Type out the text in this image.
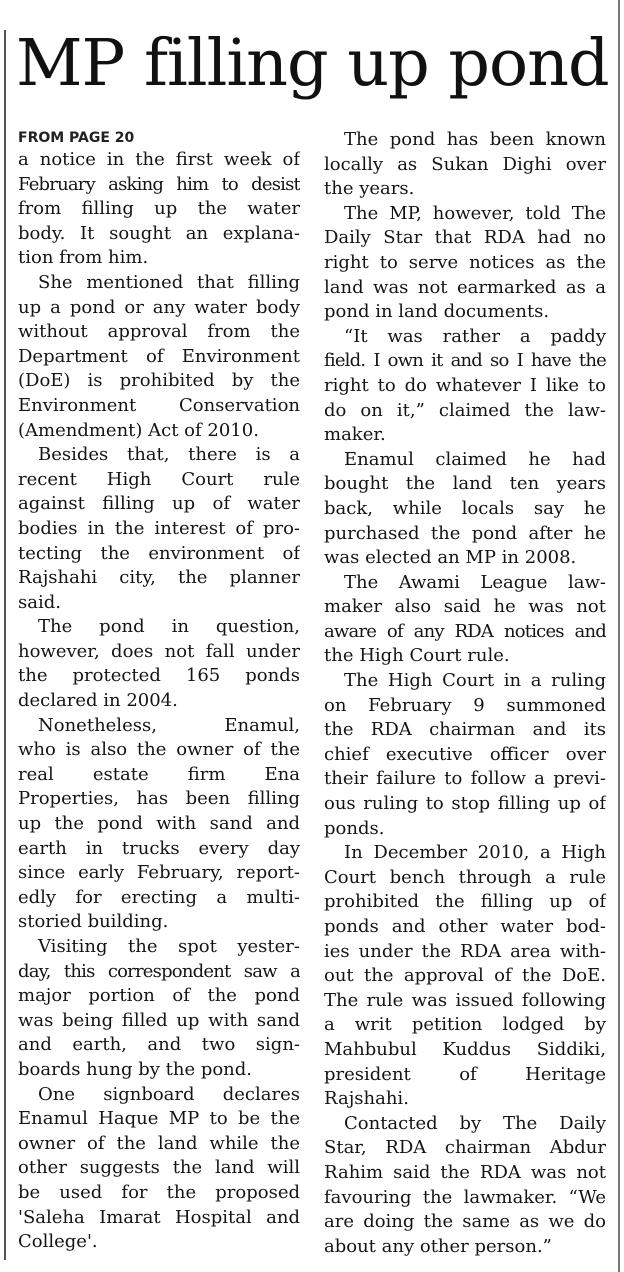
MP filling up pond
FROM PAGE 20
a notice in the first week of
February asking him to desist
from filling up the water
body. It sought an explana-
tion from him.
She mentioned that filling
up a pond or any water body
without approval from the
Department of Environment
(DoE) is prohibited by the
Environment Conservation
(Amendment) Act of 2010.
Besides that, there is a
recent High Court rule
against filling up of water
bodies in the interest of pro-
tecting the environment of
Rajshahi city, the planner
said.
The pond in question,
however, does not fall under
the protected 165 ponds
declared in 2004.
Nonetheless, Enamul,
who is also the owner of the
real estate firm Ena
Properties, has been filling
up the pond with sand and
earth in trucks every day
since early February, report-
edly for erecting a multi-
storied building.
Visiting the spot yester-
day, this correspondent saw a
major portion of the pond
was being filled up with sand
and earth, and two sign-
boards hung by the pond.
One signboard declares
Enamul Haque MP to be the
owner of the land while the
other suggests the land will
be used for the proposed
'Saleha Imarat Hospital and
College'.
The pond has been known
locally as Sukan Dighi over
the years.
The MP, however, told The
Daily Star that RDA had no
right to serve notices as the
land was not earmarked as a
pond in land documents.
“It was rather a paddy
field. I own it and so I have the
right to do whatever I like to
do on it,” claimed the law-
maker.
Enamul claimed he had
bought the land ten years
back, while locals say he
purchased the pond after he
was elected an MP in 2008.
The Awami League law-
maker also said he was not
aware of any RDA notices and
the High Court rule.
The High Court in a ruling
on February 9 summoned
the RDA chairman and its
chief executive officer over
their failure to follow a previ-
ous ruling to stop filling up of
ponds.
In December 2010, a High
Court bench through a rule
prohibited the filling up of
ponds and other water bod-
ies under the RDA area with-
out the approval of the DoE.
The rule was issued following
a writ petition lodged by
Mahbubul Kuddus Siddiki,
president of Heritage
Rajshahi.
Contacted by The Daily
Star, RDA chairman Abdur
Rahim said the RDA was not
favouring the lawmaker. “We
are doing the same as we do
about any other person.”
